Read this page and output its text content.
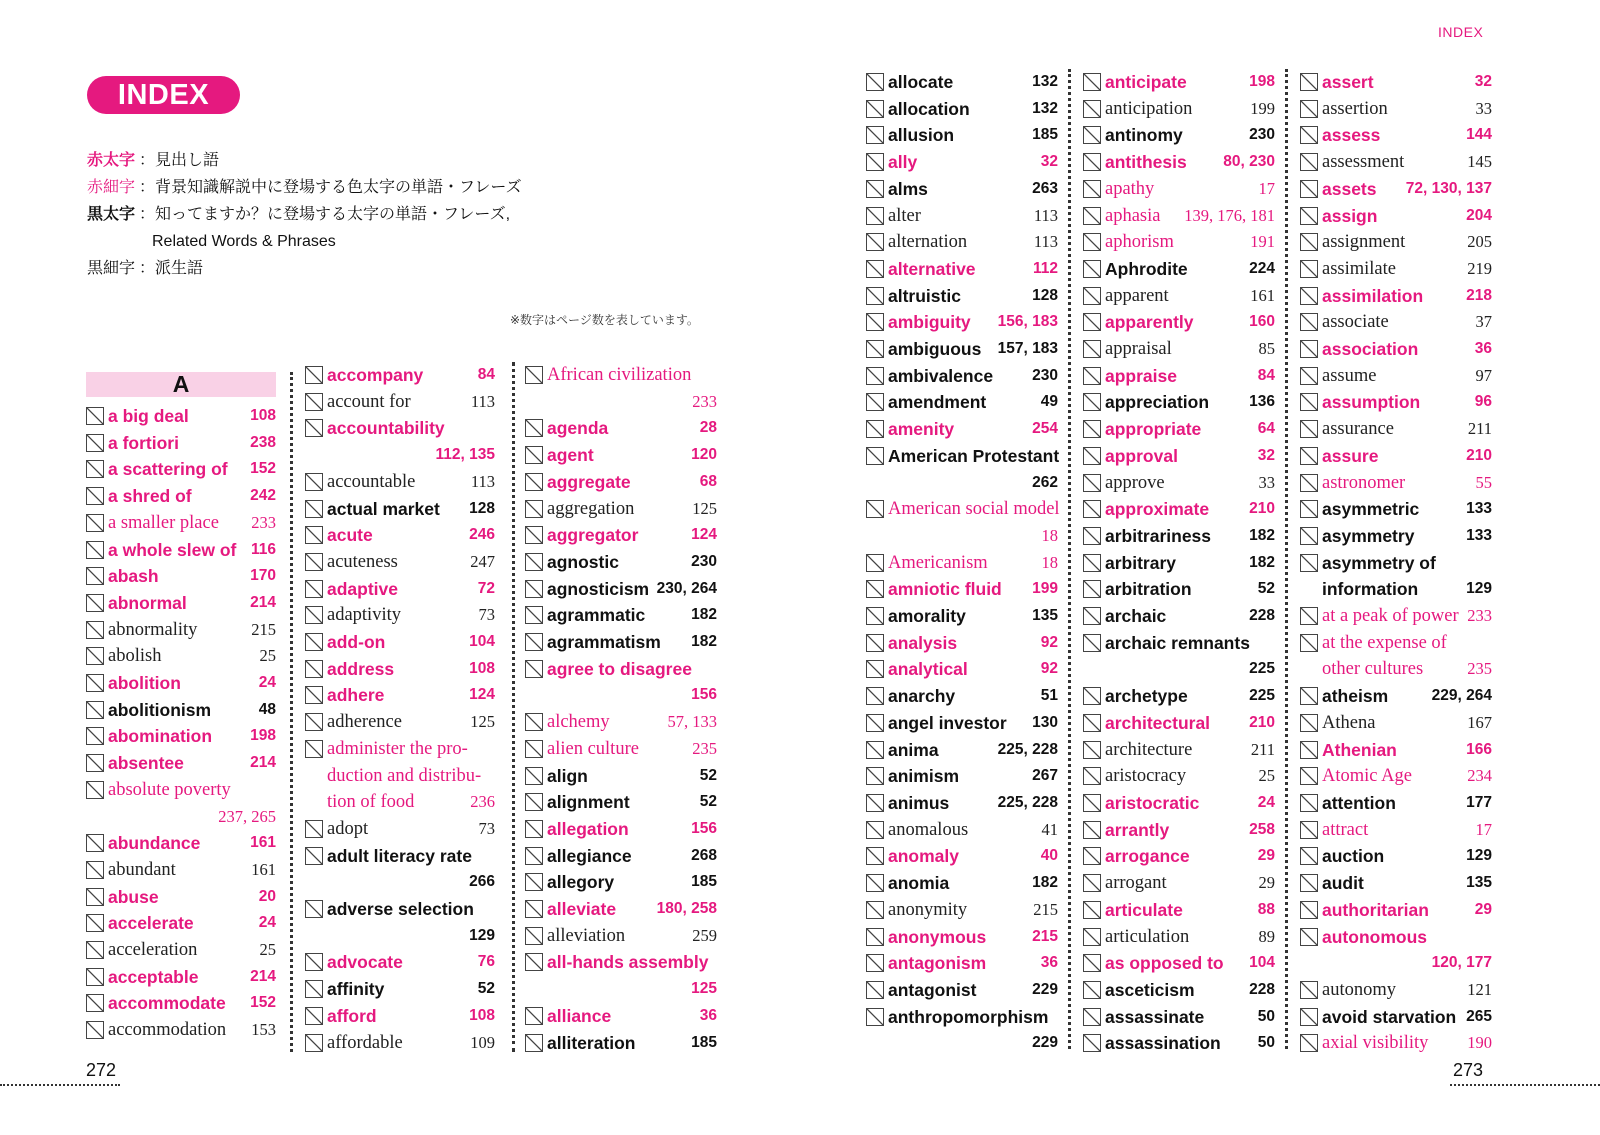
INDEX
赤太字 ： 見出し語
赤細字 ： 背景知識解説中に登場する色太字の単語・フレーズ
黒太字 ： 知ってますか？に登場する太字の単語・フレーズ,
Related Words & Phrases
黒細字 ： 派生語
※数字はページ数を表しています。
A
a big deal	108
a fortiori	238
a scattering of 152
a shred of	242
a smaller place 233
a whole slew of 116
abash	170
abnormal	214
abnormality	215
abolish	25
abolition	24
abolitionism	48
abomination 198
absentee	214
absolute poverty
237, 265
abundance	161
abundant	161
abuse	20
accelerate	24
acceleration	25
acceptable	214
accommodate 152
accommodation 153
accompany	84
account for	113
accountability
112, 135
accountable	113
actual market 128
acute	246
acuteness	247
adaptive	72
adaptivity	73
add-on	104
address	108
adhere	124
adherence	125
administer the pro-
duction and distribu-
tion of food	236
adopt	73
adult literacy rate
266
adverse selection
129
advocate	76
affinity	52
afford	108
affordable	109
African civilization
233
agenda	28
agent	120
aggregate	68
aggregation	125
aggregator	124
agnostic	230
agnosticism 230, 264
agrammatic	182
agrammatism 182
agree to disagree
156
alchemy	57, 133
alien culture	235
align	52
alignment	52
allegation	156
allegiance	268
allegory	185
alleviate	180, 258
alleviation	259
all-hands assembly
125
alliance	36
alliteration	185
272
allocate	132
allocation	132
allusion	185
ally	32
alms	263
alter	113
alternation	113
alternative	112
altruistic	128
ambiguity 156, 183
ambiguous 157, 183
ambivalence	230
amendment	49
amenity	254
American Protestant
262
American social model
18
Americanism	18
amniotic fluid 199
amorality	135
analysis	92
analytical	92
anarchy	51
angel investor 130
anima	225, 228
animism	267
animus	225, 228
anomalous	41
anomaly	40
anomia	182
anonymity	215
anonymous	215
antagonism	36
antagonist	229
anthropomorphism
229
anticipate	198
anticipation	199
antinomy	230
antithesis 80, 230
apathy	17
aphasia 139, 176, 181
aphorism	191
Aphrodite	224
apparent	161
apparently	160
appraisal	85
appraise	84
appreciation	136
appropriate	64
approval	32
approve	33
approximate	210
arbitrariness 182
arbitrary	182
arbitration	52
archaic	228
archaic remnants
225
archetype	225
architectural	210
architecture	211
aristocracy	25
aristocratic	24
arrantly	258
arrogance	29
arrogant	29
articulate	88
articulation	89
as opposed to 104
asceticism	228
assassinate	50
assassination 50
assert	32
assertion	33
assess	144
assessment	145
assets 72, 130, 137
assign	204
assignment	205
assimilate	219
assimilation	218
associate	37
association	36
assume	97
assumption	96
assurance	211
assure	210
astronomer	55
asymmetric	133
asymmetry	133
asymmetry of
information	129
at a peak of power 233
at the expense of
other cultures	235
atheism	229, 264
Athena	167
Athenian	166
Atomic Age	234
attention	177
attract	17
auction	129
audit	135
authoritarian	29
autonomous
120, 177
autonomy	121
avoid starvation 265
axial visibility 190
273
INDEX
